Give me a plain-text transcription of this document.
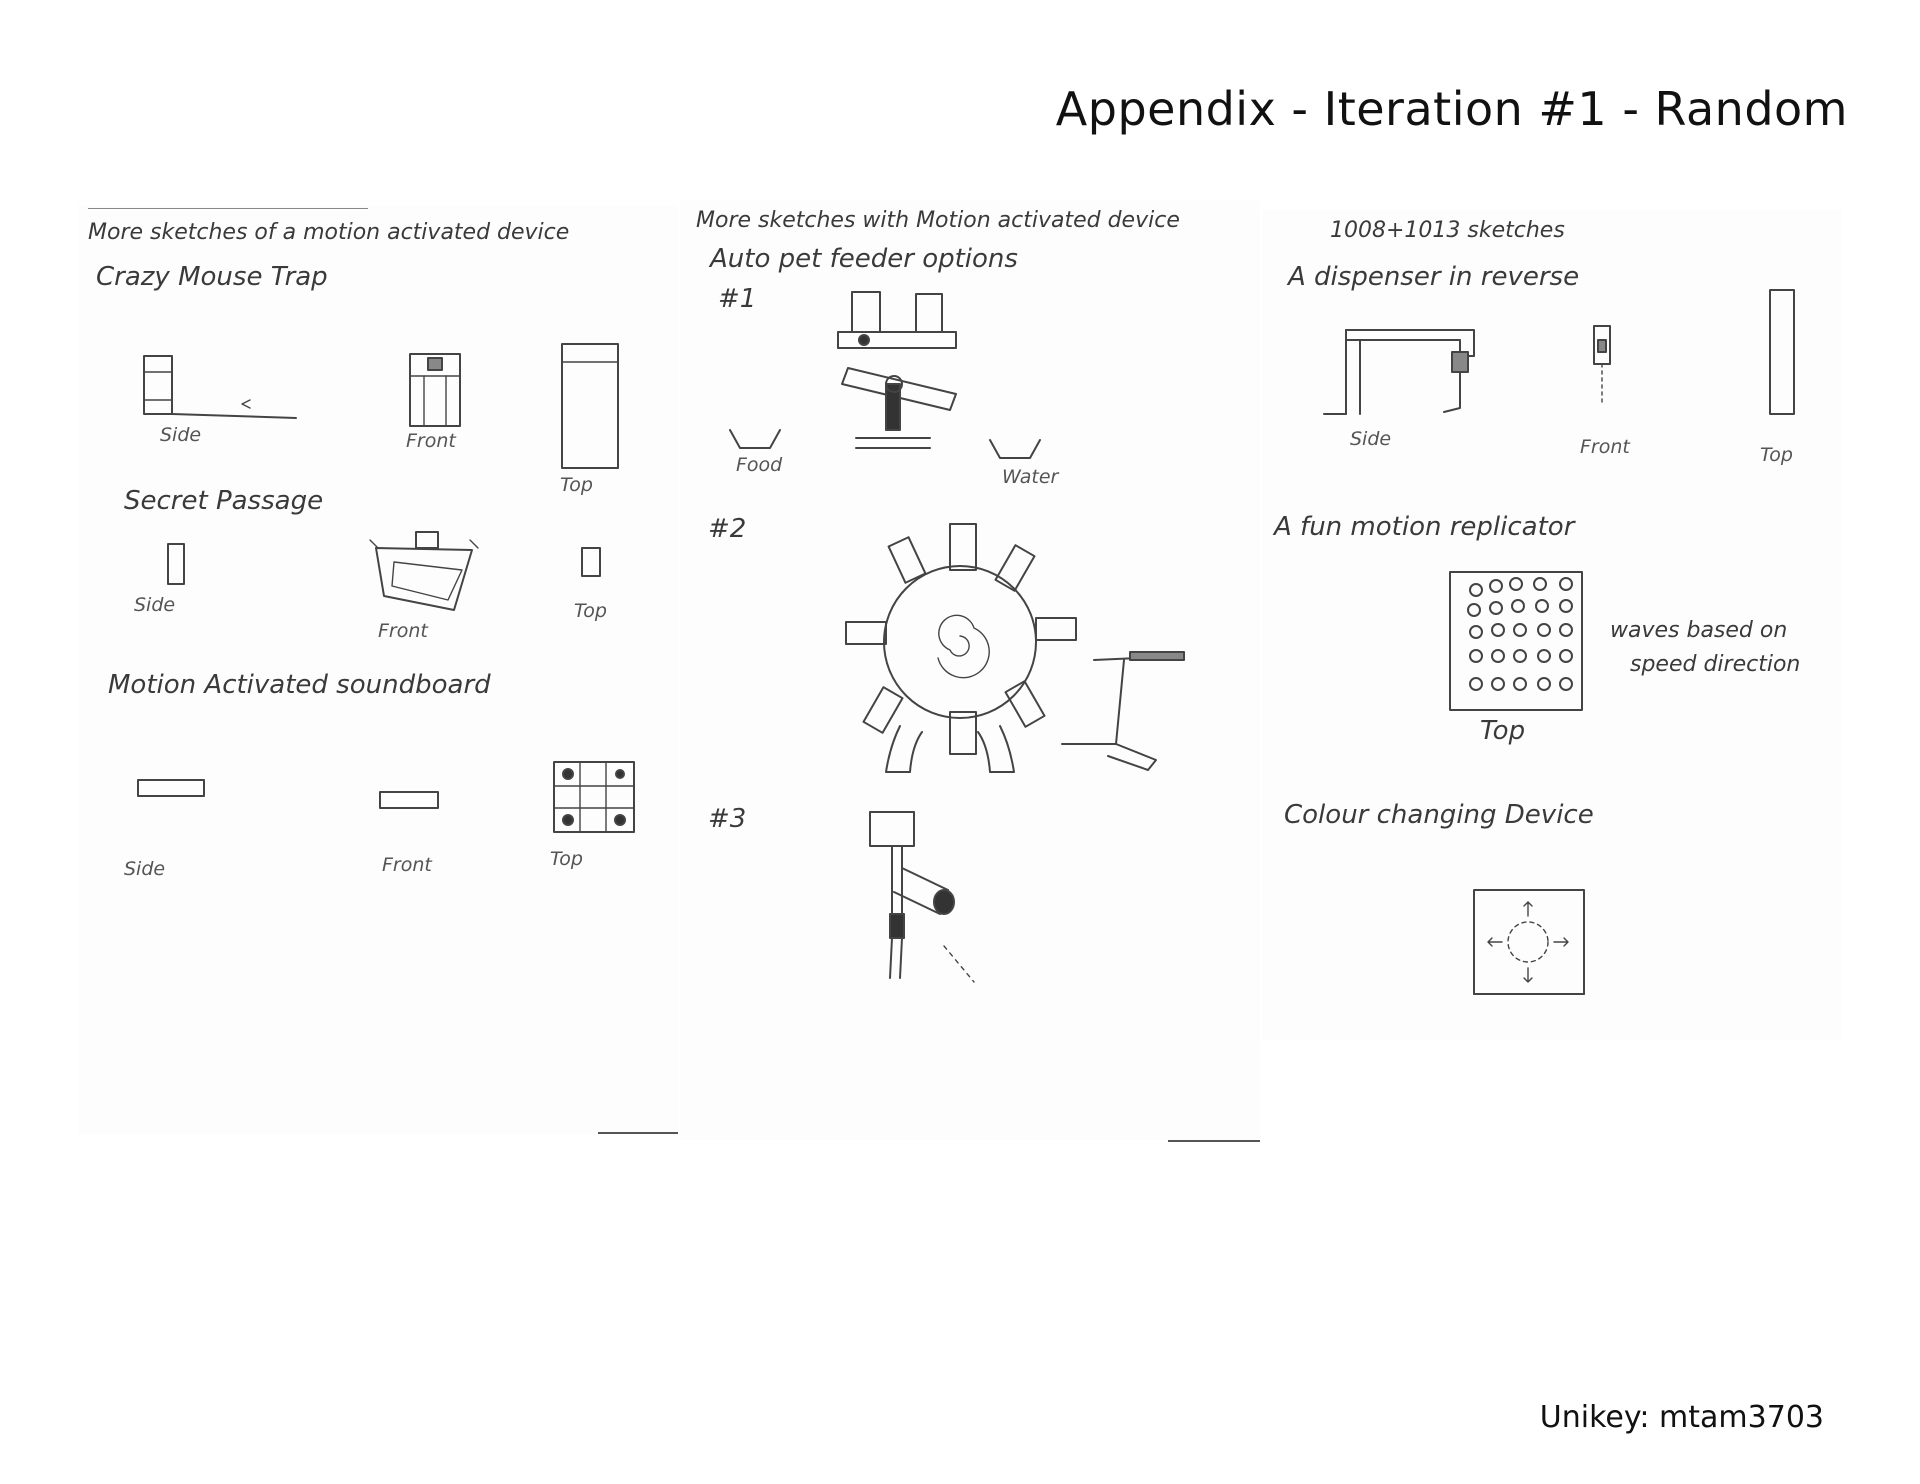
Appendix - Iteration #1 - Random
More sketches of a motion activated device
Crazy Mouse Trap
Side	Front
Top
Secret Passage
Side
Front
Top
Motion Activated soundboard
Side	Front	Top
More sketches with Motion activated device
Auto pet feeder options
#1
#2
#3
Food
Water
1008+1013 sketches
A dispenser in reverse
Side	Front	Top
A fun motion replicator
waves based on
speed direction
Top
Colour changing Device
Unikey: mtam3703
